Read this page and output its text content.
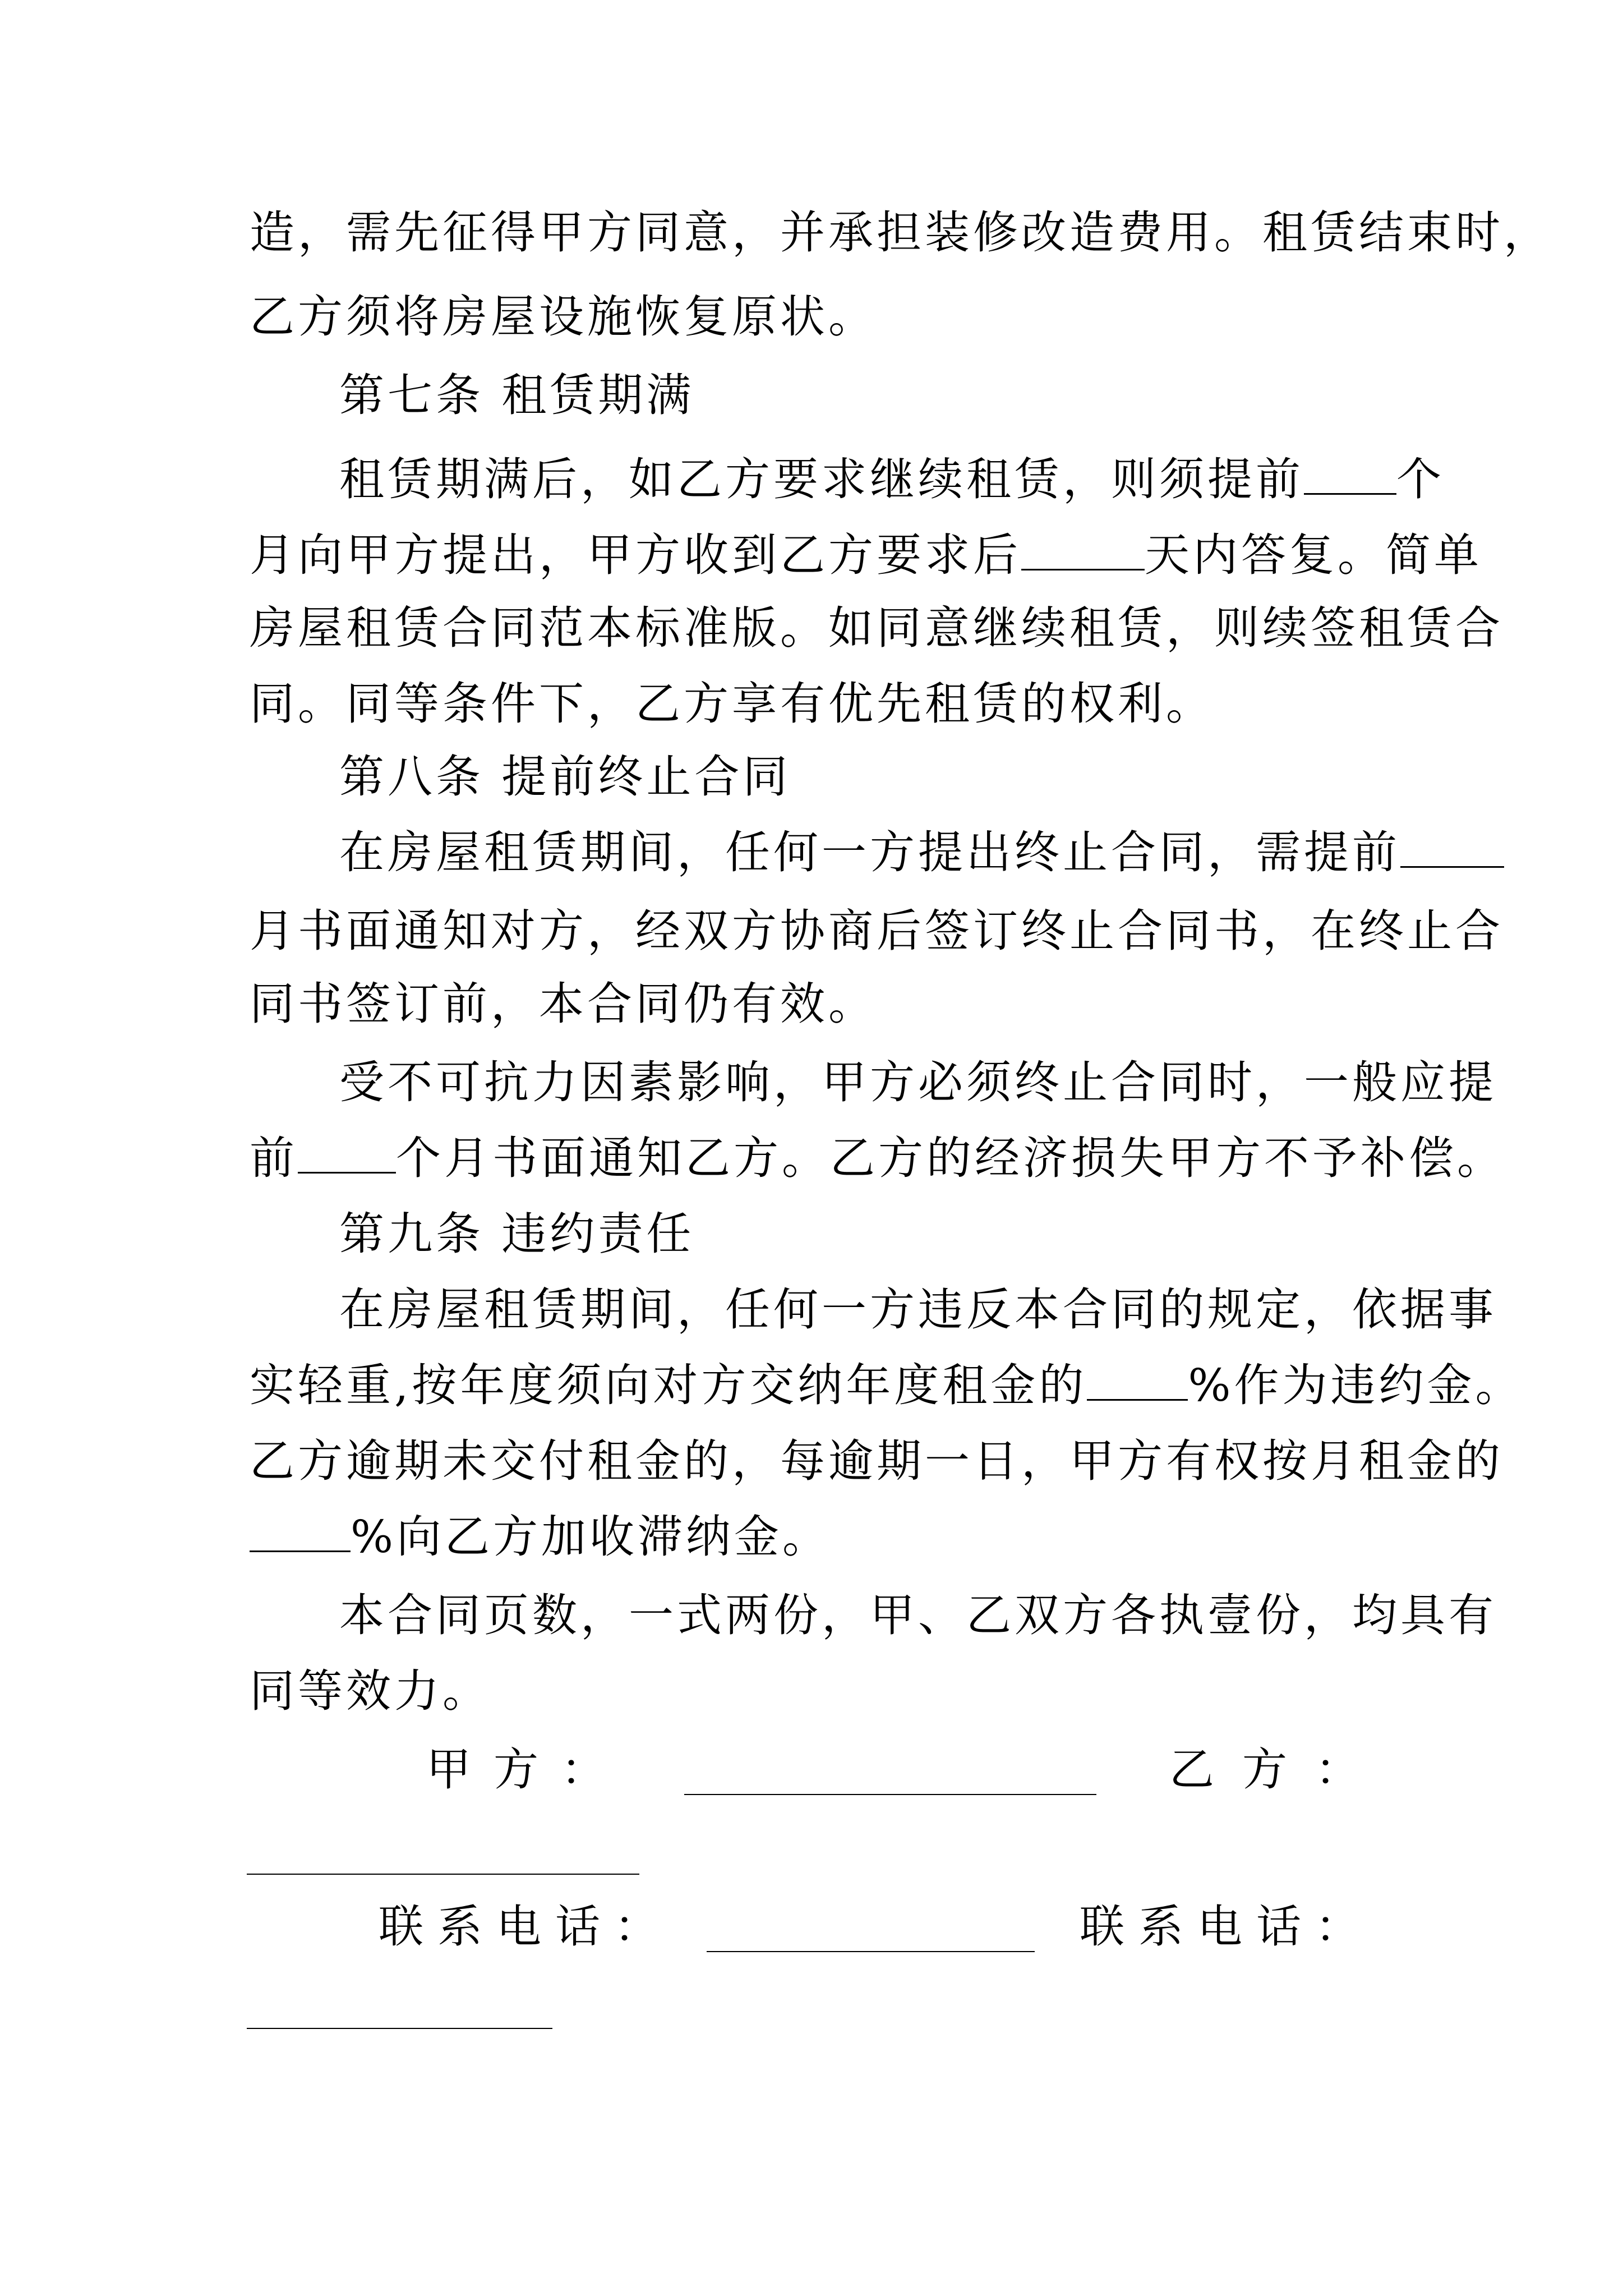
造，需先征得甲方同意，并承担装修改造费用。租赁结束时，
乙方须将房屋设施恢复原状。
第七条 租赁期满
租赁期满后，如乙方要求继续租赁，则须提前 个
月向甲方提出，甲方收到乙方要求后	天内答复。简单
房屋租赁合同范本标准版。如同意继续租赁，则续签租赁合
同。同等条件下，乙方享有优先租赁的权利。
第八条 提前终止合同
在房屋租赁期间，任何一方提出终止合同，需提前
月书面通知对方，经双方协商后签订终止合同书，在终止合
同书签订前，本合同仍有效。
受不可抗力因素影响，甲方必须终止合同时，一般应提
前 个月书面通知乙方。乙方的经济损失甲方不予补偿。
第九条 违约责任
在房屋租赁期间，任何一方违反本合同的规定，依据事
实轻重,按年度须向对方交纳年度租金的 %作为违约金。
乙方逾期未交付租金的，每逾期一日，甲方有权按月租金的
%向乙方加收滞纳金。
本合同页数，一式两份，甲、乙双方各执壹份，均具有
同等效力。
甲 方 ：	乙 方 ：
联 系 电 话 ：	联 系 电 话 ：
